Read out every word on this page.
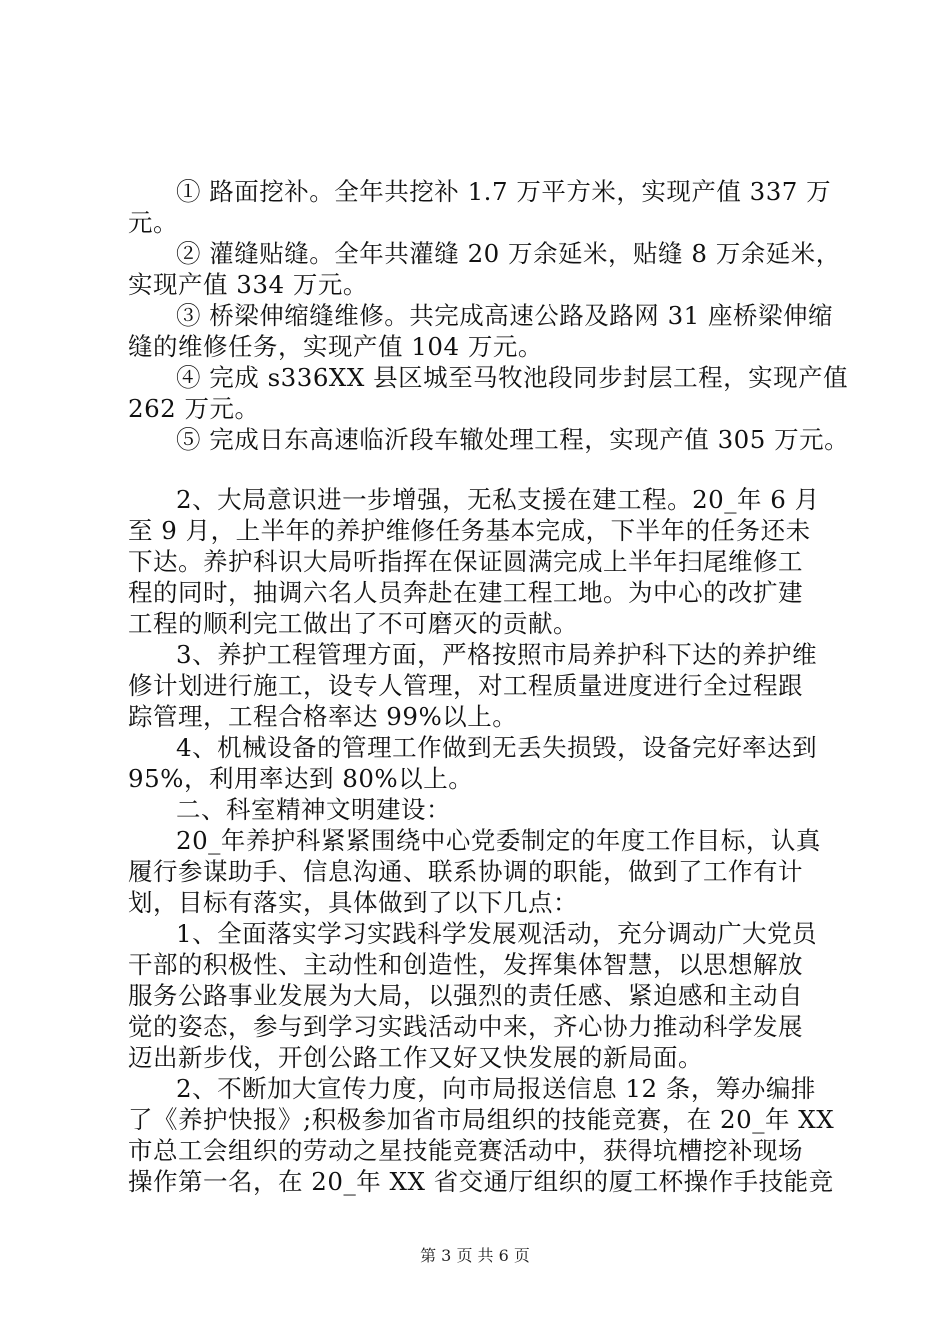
① 路面挖补。全年共挖补 1.7 万平方米，实现产值 337 万
元。
② 灌缝贴缝。全年共灌缝 20 万余延米，贴缝 8 万余延米，
实现产值 334 万元。
③ 桥梁伸缩缝维修。共完成高速公路及路网 31 座桥梁伸缩
缝的维修任务，实现产值 104 万元。
④ 完成 s336XX 县区城至马牧池段同步封层工程，实现产值
262 万元。
⑤ 完成日东高速临沂段车辙处理工程，实现产值 305 万元。
2、大局意识进一步增强，无私支援在建工程。20_年 6 月
至 9 月，上半年的养护维修任务基本完成，下半年的任务还未
下达。养护科识大局听指挥在保证圆满完成上半年扫尾维修工
程的同时，抽调六名人员奔赴在建工程工地。为中心的改扩建
工程的顺利完工做出了不可磨灭的贡献。
3、养护工程管理方面，严格按照市局养护科下达的养护维
修计划进行施工，设专人管理，对工程质量进度进行全过程跟
踪管理，工程合格率达 99%以上。
4、机械设备的管理工作做到无丢失损毁，设备完好率达到
95%，利用率达到 80%以上。
二、科室精神文明建设：
20_年养护科紧紧围绕中心党委制定的年度工作目标，认真
履行参谋助手、信息沟通、联系协调的职能，做到了工作有计
划，目标有落实，具体做到了以下几点：
1、全面落实学习实践科学发展观活动，充分调动广大党员
干部的积极性、主动性和创造性，发挥集体智慧，以思想解放
服务公路事业发展为大局，以强烈的责任感、紧迫感和主动自
觉的姿态，参与到学习实践活动中来，齐心协力推动科学发展
迈出新步伐，开创公路工作又好又快发展的新局面。
2、不断加大宣传力度，向市局报送信息 12 条，筹办编排
了《养护快报》;积极参加省市局组织的技能竞赛，在 20_年 XX
市总工会组织的劳动之星技能竞赛活动中，获得坑槽挖补现场
操作第一名，在 20_年 XX 省交通厅组织的厦工杯操作手技能竞
第 3 页 共 6 页
